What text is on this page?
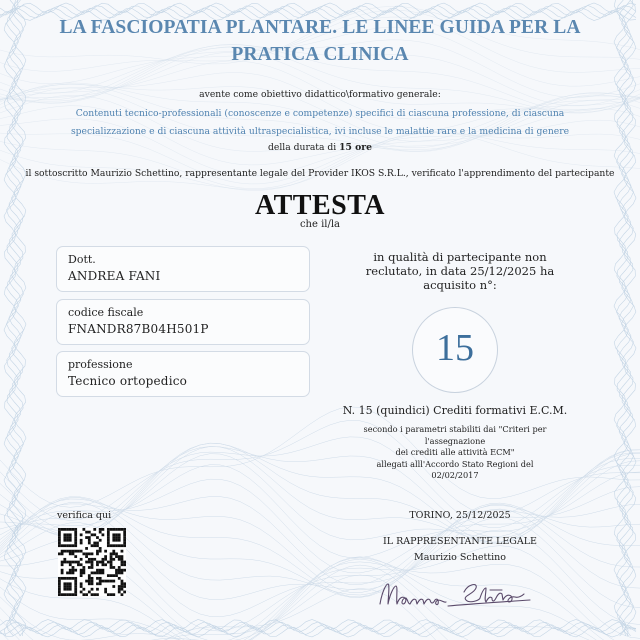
LA FASCIOPATIA PLANTARE. LE LINEE GUIDA PER LA PRATICA CLINICA
avente come obiettivo didattico\formativo generale:
Contenuti tecnico-professionali (conoscenze e competenze) specifici di ciascuna professione, di ciascuna
specializzazione e di ciascuna attività ultraspecialistica, ivi incluse le malattie rare e la medicina di genere
della durata di 15 ore
il sottoscritto Maurizio Schettino, rappresentante legale del Provider IKOS S.R.L., verificato l'apprendimento del partecipante
ATTESTA
che il/la
Dott.
ANDREA FANI
codice fiscale
FNANDR87B04H501P
professione
Tecnico ortopedico
in qualità di partecipante non reclutato, in data 25/12/2025 ha acquisito n°:
15
N. 15 (quindici) Crediti formativi E.C.M.
secondo i parametri stabiliti dai "Criteri per
l'assegnazione
dei crediti alle attività ECM"
allegati alll'Accordo Stato Regioni del 02/02/2017
verifica qui	TORINO, 25/12/2025
IL RAPPRESENTANTE LEGALE
Maurizio Schettino
